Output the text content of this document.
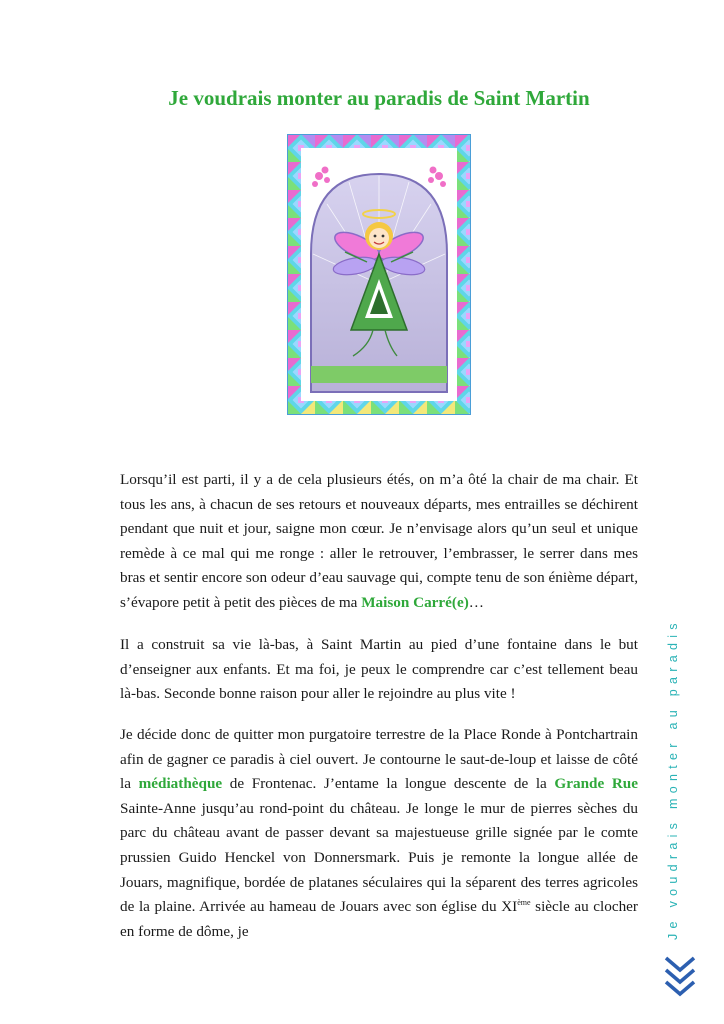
Je voudrais monter au paradis de Saint Martin

Lorsqu’il est parti, il y a de cela plusieurs étés, on m’a ôté la chair de ma chair. Et tous les ans, à chacun de ses retours et nouveaux départs, mes entrailles se déchirent pendant que nuit et jour, saigne mon cœur. Je n’envisage alors qu’un seul et unique remède à ce mal qui me ronge : aller le retrouver, l’embrasser, le serrer dans mes bras et sentir encore son odeur d’eau sauvage qui, compte tenu de son énième départ, s’évapore petit à petit des pièces de ma Maison Carré(e)…

Il a construit sa vie là-bas, à Saint Martin au pied d’une fontaine dans le but d’enseigner aux enfants. Et ma foi, je peux le comprendre car c’est tellement beau là-bas. Seconde bonne raison pour aller le rejoindre au plus vite !

Je décide donc de quitter mon purgatoire terrestre de la Place Ronde à Pontchartrain afin de gagner ce paradis à ciel ouvert. Je contourne le saut-de-loup et laisse de côté la médiathèque de Frontenac. J’entame la longue descente de la Grande Rue Sainte-Anne jusqu’au rond-point du château. Je longe le mur de pierres sèches du parc du château avant de passer devant sa majestueuse grille signée par le comte prussien Guido Henckel von Donnersmark. Puis je remonte la longue allée de Jouars, magnifique, bordée de platanes séculaires qui la séparent des terres agricoles de la plaine. Arrivée au hameau de Jouars avec son église du XIème siècle au clocher en forme de dôme, je	Je voudrais monter au paradis
